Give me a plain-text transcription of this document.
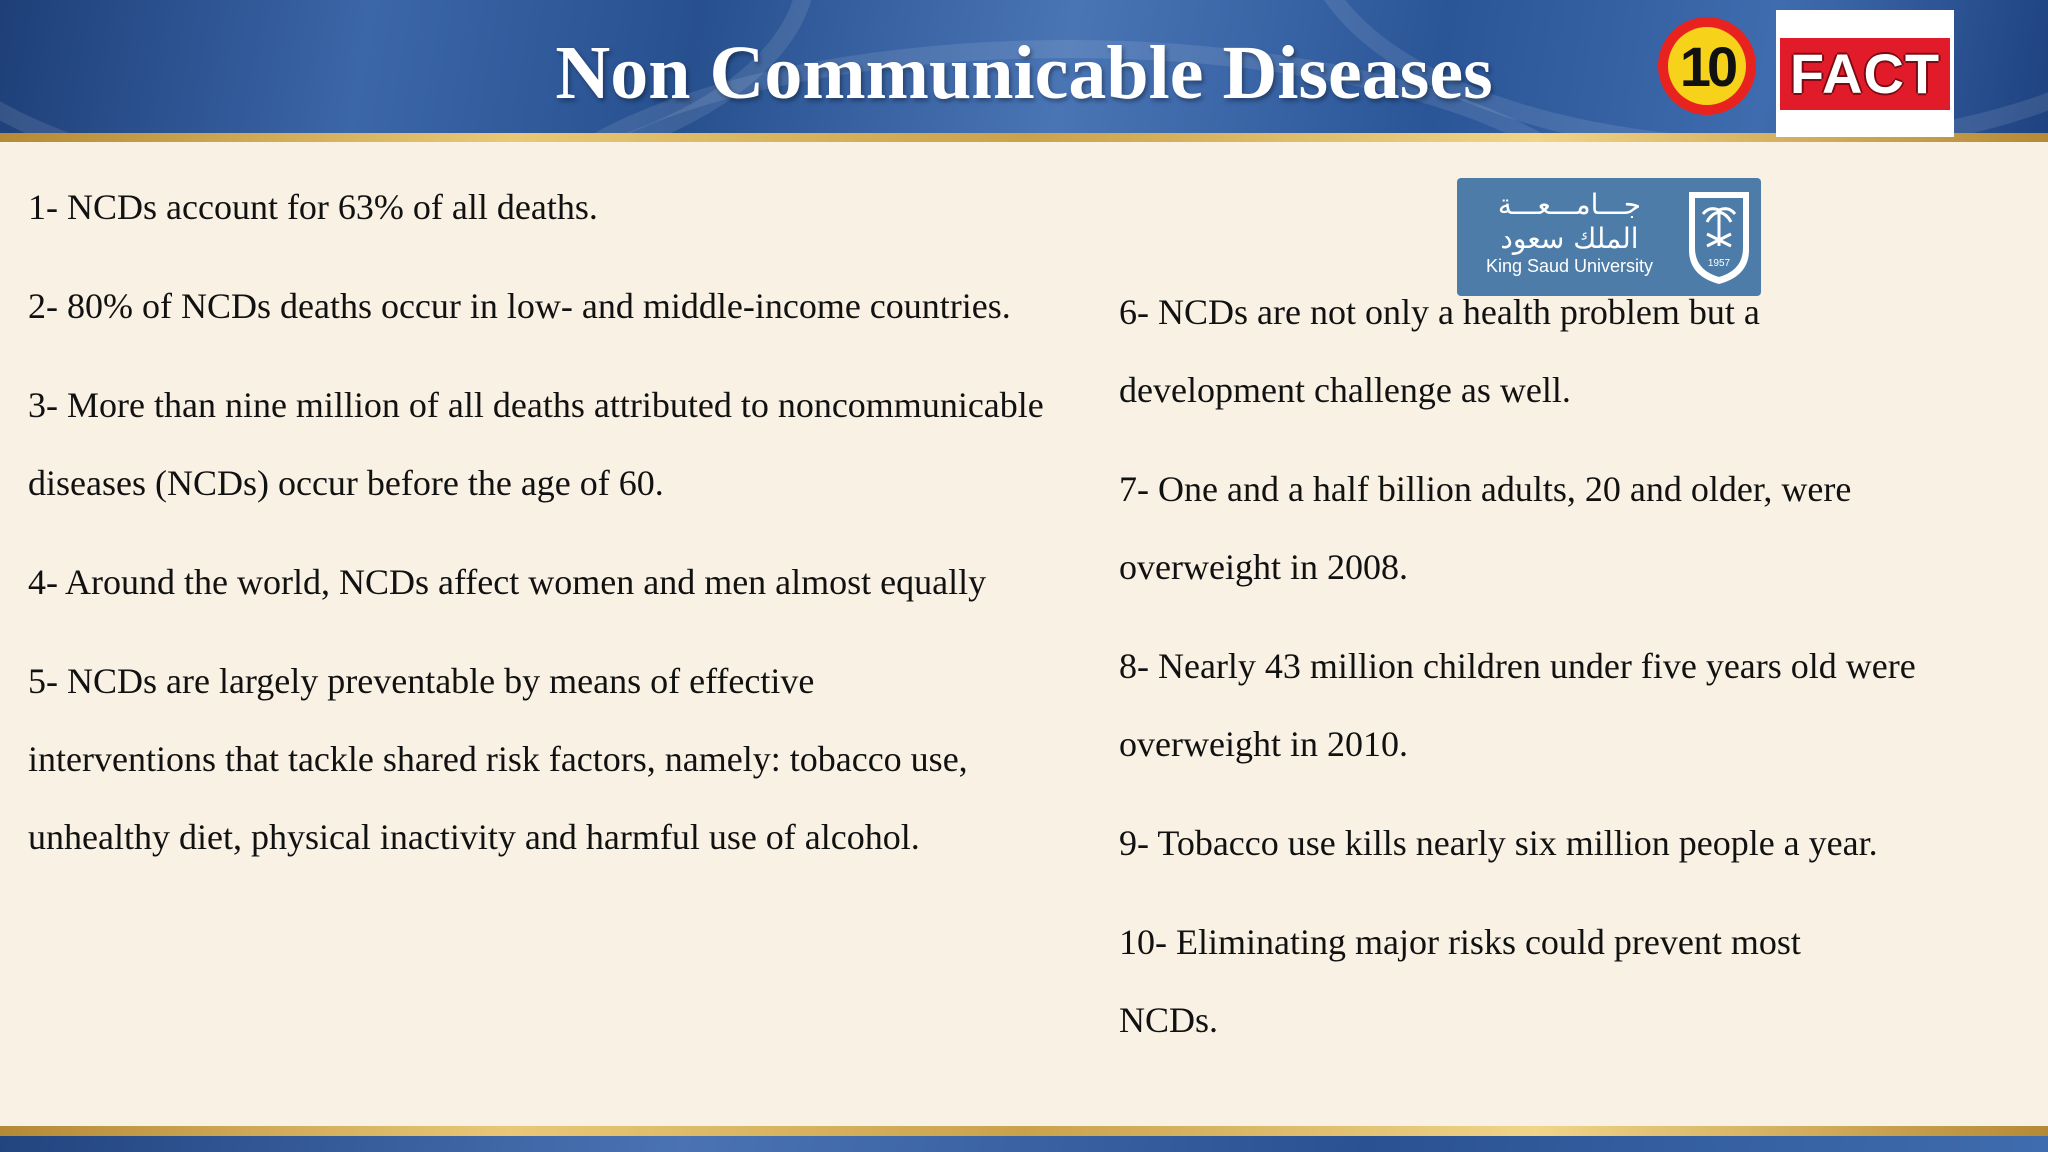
Non Communicable Diseases	10 FACT
جـــامـــعـــة
الملك سعود
King Saud University	1957

1- NCDs account for 63% of all deaths.

2- 80% of NCDs deaths occur in low- and middle-income countries.

3- More than nine million of all deaths attributed to noncommunicable diseases (NCDs) occur before the age of 60.

4- Around the world, NCDs affect women and men almost equally

5- NCDs are largely preventable by means of effective interventions that tackle shared risk factors, namely: tobacco use, unhealthy diet, physical inactivity and harmful use of alcohol.

6- NCDs are not only a health problem but a development challenge as well.

7- One and a half billion adults, 20 and older, were overweight in 2008.

8- Nearly 43 million children under five years old were overweight in 2010.

9- Tobacco use kills nearly six million people a year.

10- Eliminating major risks could prevent most NCDs.
